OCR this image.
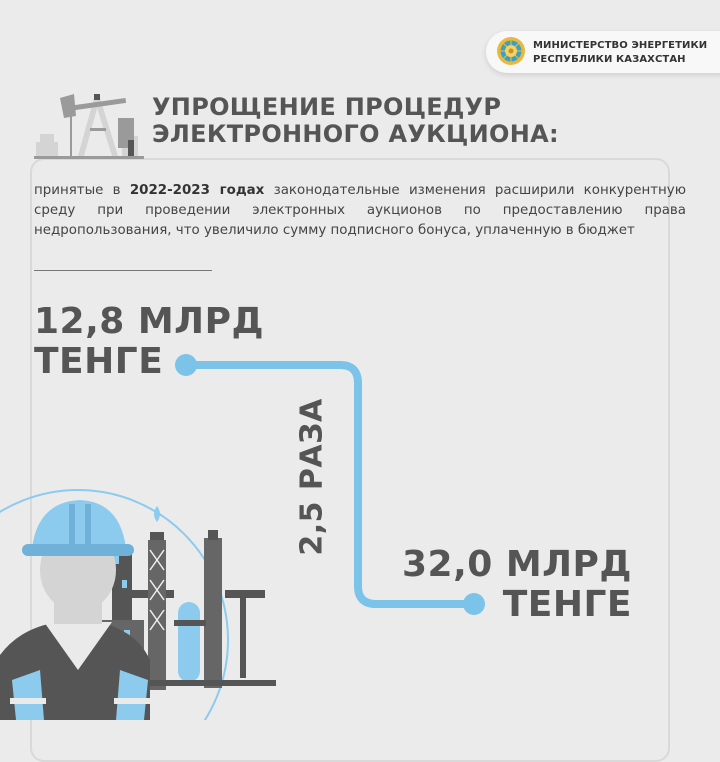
МИНИСТЕРСТВО ЭНЕРГЕТИКИ
РЕСПУБЛИКИ КАЗАХСТАН
УПРОЩЕНИЕ ПРОЦЕДУР
ЭЛЕКТРОННОГО АУКЦИОНА:
принятые в 2022-2023 годах законодательные изменения расширили конкурентную среду при проведении электронных аукционов по предоставлению права недропользования, что увеличило сумму подписного бонуса, уплаченную в бюджет
12,8 МЛРД
ТЕНГЕ
2,5 РАЗА
32,0 МЛРД
ТЕНГЕ
